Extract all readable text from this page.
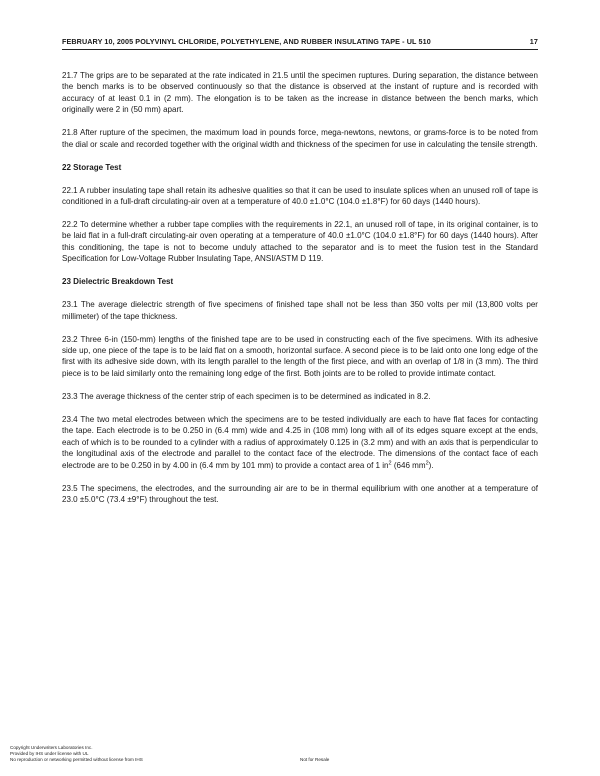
FEBRUARY 10, 2005 POLYVINYL CHLORIDE, POLYETHYLENE, AND RUBBER INSULATING TAPE - UL 510	17

21.7 The grips are to be separated at the rate indicated in 21.5 until the specimen ruptures. During separation, the distance between the bench marks is to be observed continuously so that the distance is observed at the instant of rupture and is recorded with accuracy of at least 0.1 in (2 mm). The elongation is to be taken as the increase in distance between the bench marks, which originally were 2 in (50 mm) apart.

21.8 After rupture of the specimen, the maximum load in pounds force, mega-newtons, newtons, or grams-force is to be noted from the dial or scale and recorded together with the original width and thickness of the specimen for use in calculating the tensile strength.

22 Storage Test

22.1 A rubber insulating tape shall retain its adhesive qualities so that it can be used to insulate splices when an unused roll of tape is conditioned in a full-draft circulating-air oven at a temperature of 40.0 ±1.0°C (104.0 ±1.8°F) for 60 days (1440 hours).

22.2 To determine whether a rubber tape complies with the requirements in 22.1, an unused roll of tape, in its original container, is to be laid flat in a full-draft circulating-air oven operating at a temperature of 40.0 ±1.0°C (104.0 ±1.8°F) for 60 days (1440 hours). After this conditioning, the tape is not to become unduly attached to the separator and is to meet the fusion test in the Standard Specification for Low-Voltage Rubber Insulating Tape, ANSI/ASTM D 119.

23 Dielectric Breakdown Test

23.1 The average dielectric strength of five specimens of finished tape shall not be less than 350 volts per mil (13,800 volts per millimeter) of the tape thickness.

23.2 Three 6-in (150-mm) lengths of the finished tape are to be used in constructing each of the five specimens. With its adhesive side up, one piece of the tape is to be laid flat on a smooth, horizontal surface. A second piece is to be laid onto one long edge of the first with its adhesive side down, with its length parallel to the length of the first piece, and with an overlap of 1/8 in (3 mm). The third piece is to be laid similarly onto the remaining long edge of the first. Both joints are to be rolled to provide intimate contact.

23.3 The average thickness of the center strip of each specimen is to be determined as indicated in 8.2.

23.4 The two metal electrodes between which the specimens are to be tested individually are each to have flat faces for contacting the tape. Each electrode is to be 0.250 in (6.4 mm) wide and 4.25 in (108 mm) long with all of its edges square except at the ends, each of which is to be rounded to a cylinder with a radius of approximately 0.125 in (3.2 mm) and with an axis that is perpendicular to the longitudinal axis of the electrode and parallel to the contact face of the electrode. The dimensions of the contact face of each electrode are to be 0.250 in by 4.00 in (6.4 mm by 101 mm) to provide a contact area of 1 $in^2$ (646 $mm^2$).

23.5 The specimens, the electrodes, and the surrounding air are to be in thermal equilibrium with one another at a temperature of 23.0 ±5.0°C (73.4 ±9°F) throughout the test.

Copyright Underwriters Laboratories Inc.
Provided by IHS under license with UL
No reproduction or networking permitted without license from IHS	Not for Resale
